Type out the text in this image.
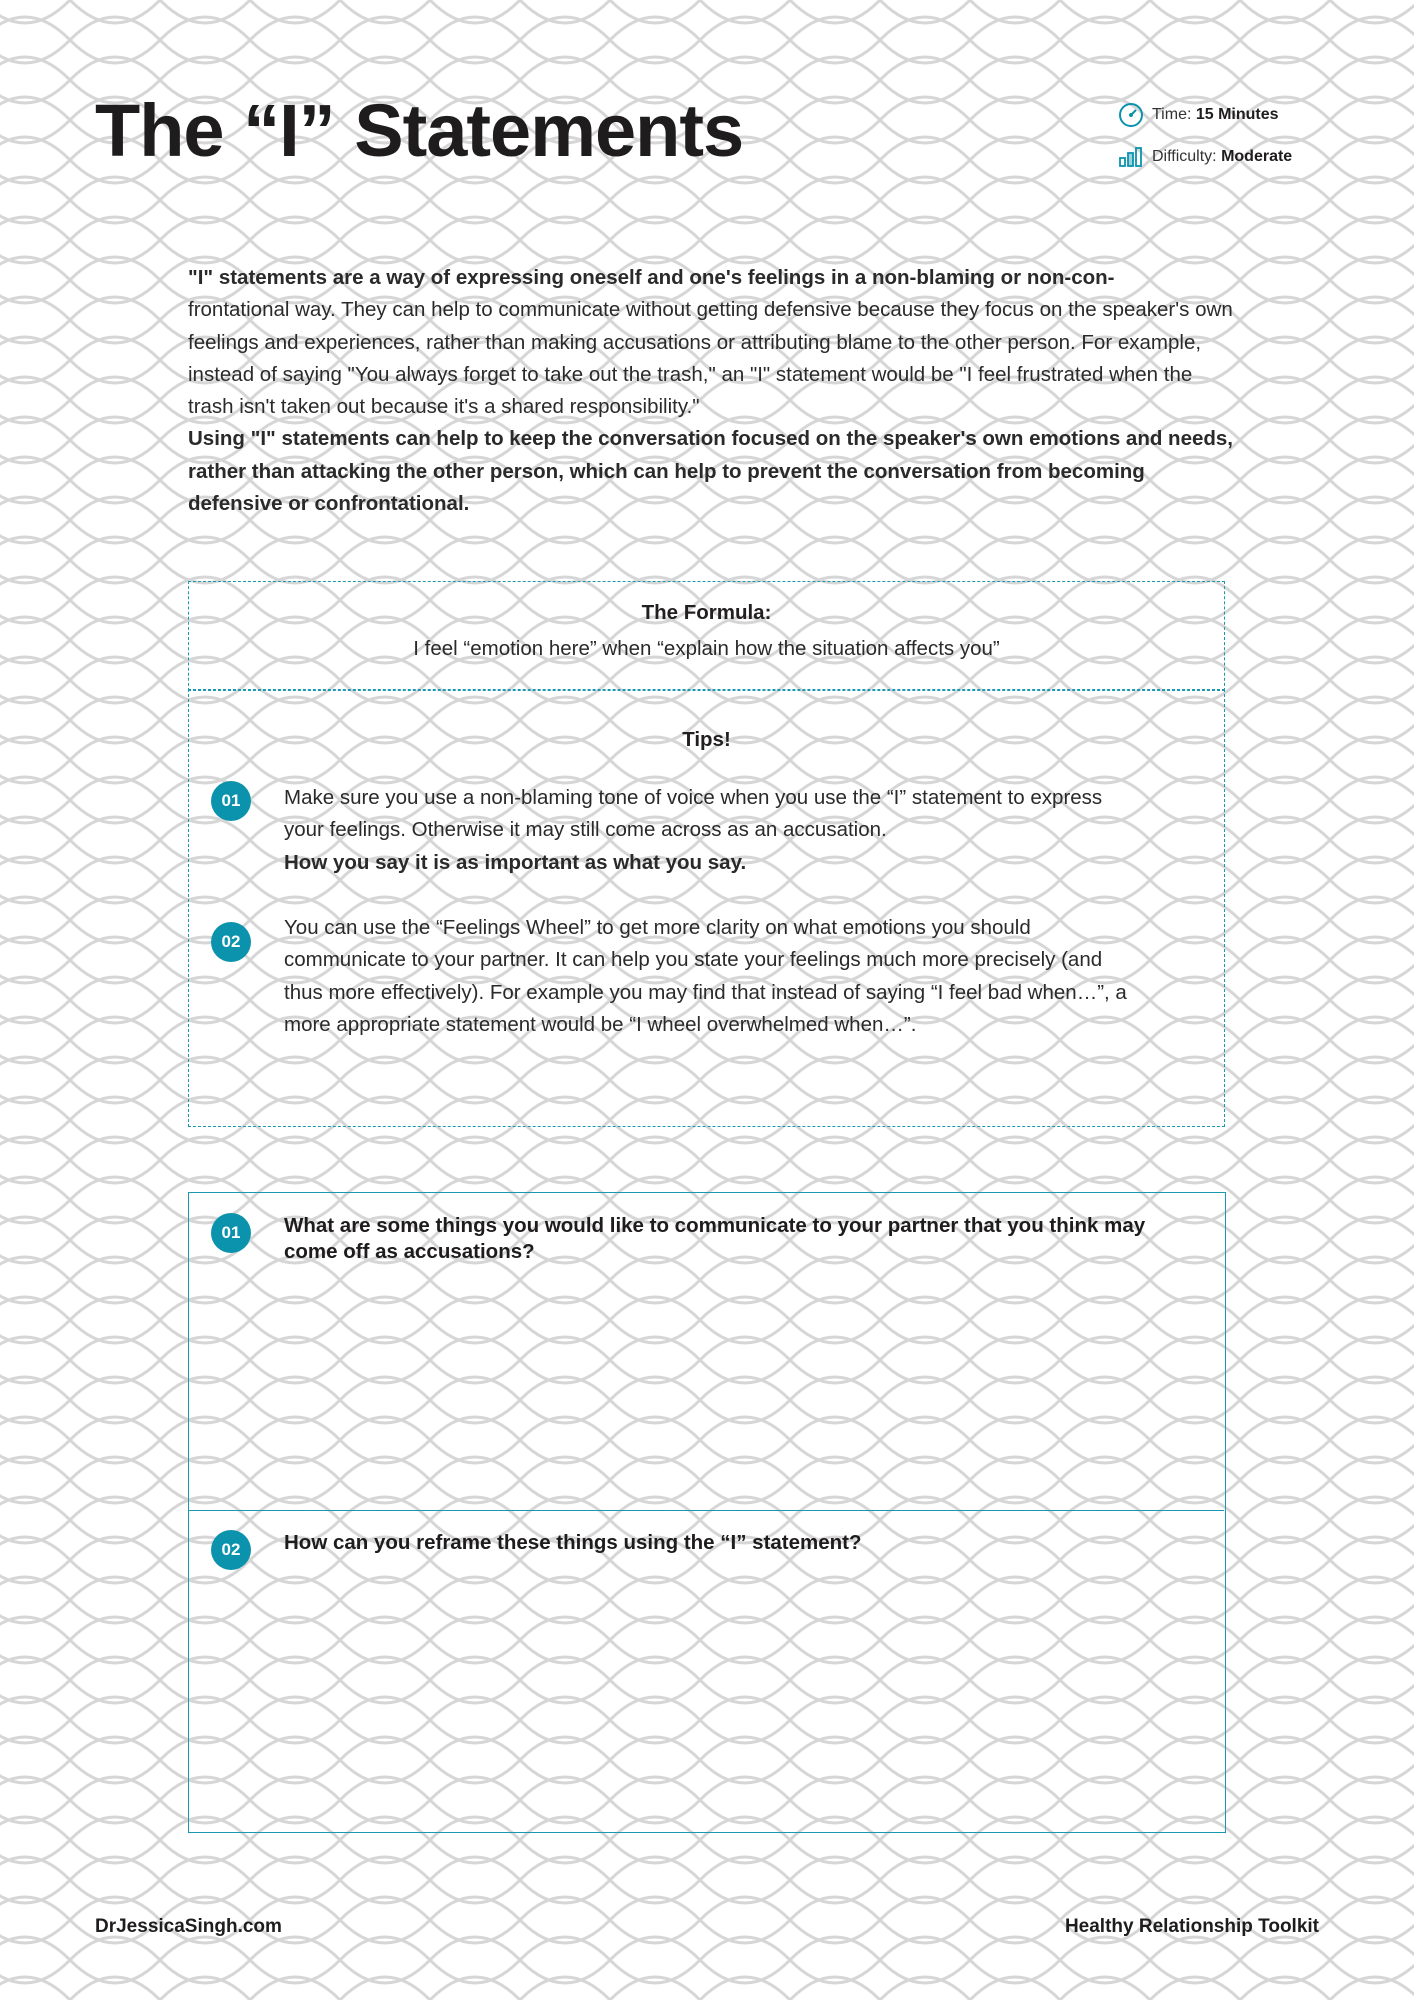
The “I” Statements	Time: 15 Minutes
Difficulty: Moderate

"I" statements are a way of expressing oneself and one's feelings in a non-blaming or non-con-
frontational way. They can help to communicate without getting defensive because they focus on the speaker's own feelings and experiences, rather than making accusations or attributing blame to the other person. For example, instead of saying "You always forget to take out the trash," an "I" statement would be "I feel frustrated when the trash isn't taken out because it's a shared responsibility."

Using "I" statements can help to keep the conversation focused on the speaker's own emotions and needs, rather than attacking the other person, which can help to prevent the conversation from becoming defensive or confrontational.

The Formula:
I feel “emotion here” when “explain how the situation affects you”
Tips!
01	Make sure you use a non-blaming tone of voice when you use the “I” statement to express your feelings. Otherwise it may still come across as an accusation.
How you say it is as important as what you say.
02
You can use the “Feelings Wheel” to get more clarity on what emotions you should communicate to your partner. It can help you state your feelings much more precisely (and thus more effectively). For example you may find that instead of saying “I feel bad when…”, a more appropriate statement would be “I wheel overwhelmed when…”.
01	What are some things you would like to communicate to your partner that you think may come off as accusations?
02	How can you reframe these things using the “I” statement?
DrJessicaSingh.com	Healthy Relationship Toolkit
